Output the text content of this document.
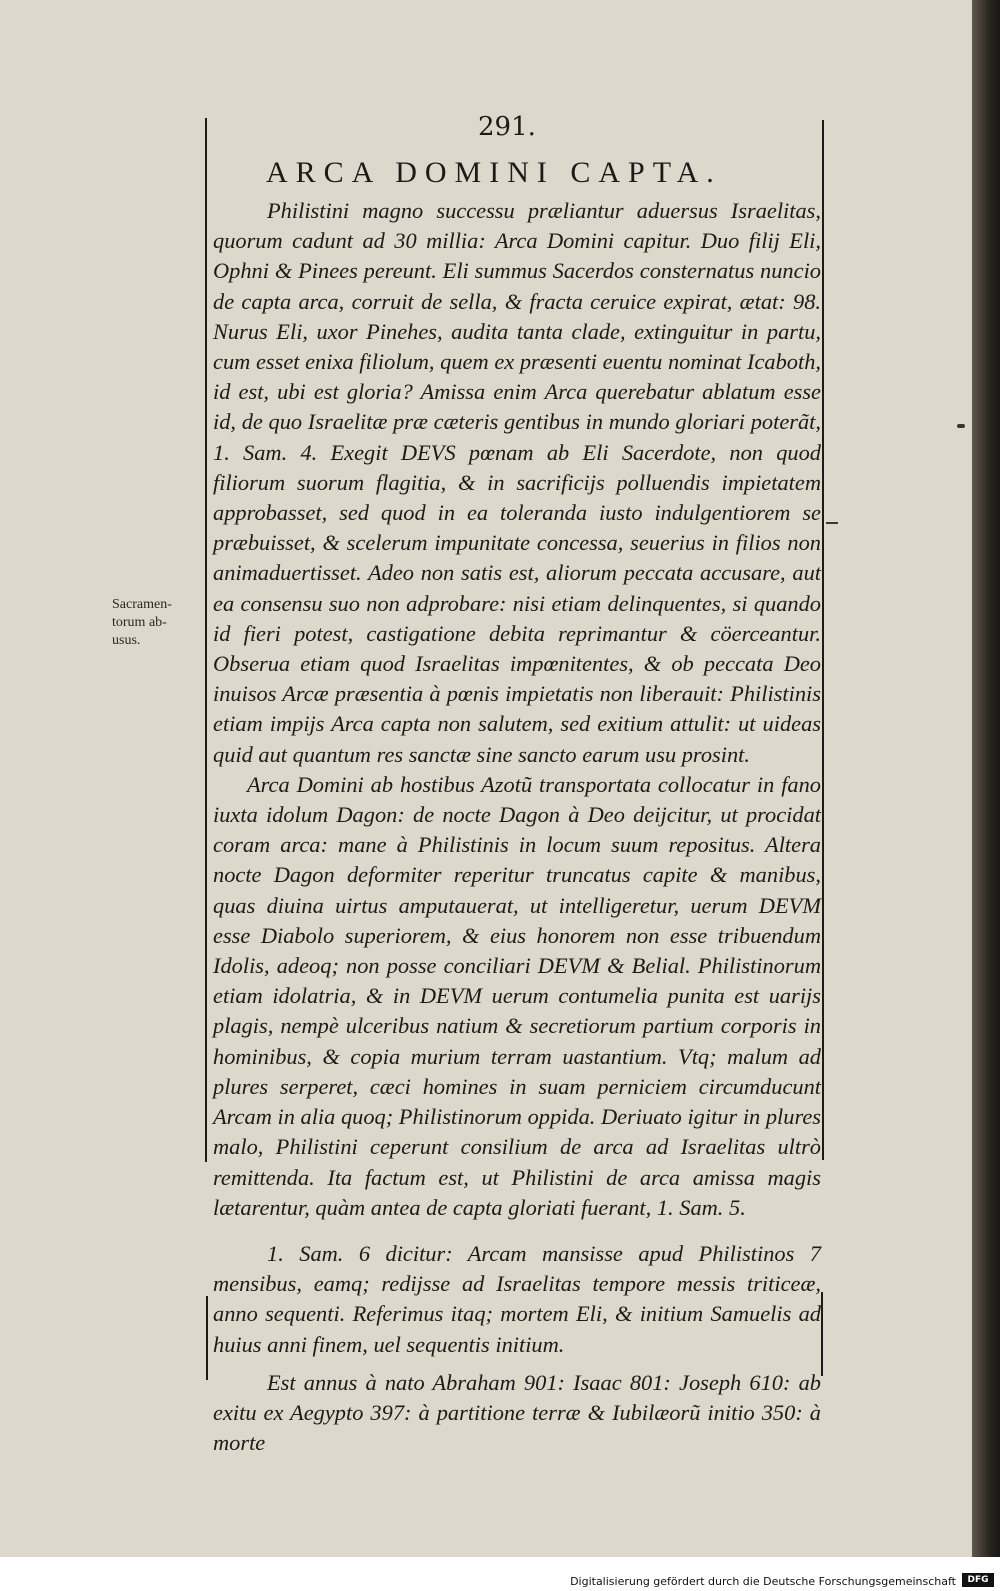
291.
ARCA DOMINI CAPTA.
Sacramen-
torum ab-
usus.

Philistini magno successu præliantur aduersus Israelitas, quorum cadunt ad 30 millia: Arca Domini capitur. Duo filij Eli, Ophni & Pinees pereunt. Eli summus Sacerdos consternatus nuncio de capta arca, corruit de sella, & fracta ceruice expirat, ætat: 98. Nurus Eli, uxor Pinehes, audita tanta clade, extinguitur in partu, cum esset enixa filiolum, quem ex præsenti euentu nominat Icaboth, id est, ubi est gloria? Amissa enim Arca querebatur ablatum esse id, de quo Israelitæ præ cæteris gentibus in mundo gloriari poterãt, 1. Sam. 4. Exegit DEVS pœnam ab Eli Sacerdote, non quod filiorum suorum flagitia, & in sacrificijs polluendis impietatem approbasset, sed quod in ea toleranda iusto indulgentiorem se præbuisset, & scelerum impunitate concessa, seuerius in filios non animaduertisset. Adeo non satis est, aliorum peccata accusare, aut ea consensu suo non adprobare: nisi etiam delinquentes, si quando id fieri potest, castigatione debita reprimantur & cöerceantur. Obserua etiam quod Israelitas impœnitentes, & ob peccata Deo inuisos Arcæ præsentia à pœnis impietatis non liberauit: Philistinis etiam impijs Arca capta non salutem, sed exitium attulit: ut uideas quid aut quantum res sanctæ sine sancto earum usu prosint.

Arca Domini ab hostibus Azotũ transportata collocatur in fano iuxta idolum Dagon: de nocte Dagon à Deo deijcitur, ut procidat coram arca: mane à Philistinis in locum suum repositus. Altera nocte Dagon deformiter reperitur truncatus capite & manibus, quas diuina uirtus amputauerat, ut intelligeretur, uerum DEVM esse Diabolo superiorem, & eius honorem non esse tribuendum Idolis, adeoq; non posse conciliari DEVM & Belial. Philistinorum etiam idolatria, & in DEVM uerum contumelia punita est uarijs plagis, nempè ulceribus natium & secretiorum partium corporis in hominibus, & copia murium terram uastantium. Vtq; malum ad plures serperet, cæci homines in suam perniciem circumducunt Arcam in alia quoq; Philistinorum oppida. Deriuato igitur in plures malo, Philistini ceperunt consilium de arca ad Israelitas ultrò remittenda. Ita factum est, ut Philistini de arca amissa magis lætarentur, quàm antea de capta gloriati fuerant, 1. Sam. 5.

1. Sam. 6 dicitur: Arcam mansisse apud Philistinos 7 mensibus, eamq; redijsse ad Israelitas tempore messis triticeæ, anno sequenti. Referimus itaq; mortem Eli, & initium Samuelis ad huius anni finem, uel sequentis initium.

Est annus à nato Abraham 901: Isaac 801: Joseph 610: ab exitu ex Aegypto 397: à partitione terræ & Iubilæorũ initio 350: à morte

Digitalisierung gefördert durch die Deutsche Forschungsgemeinschaft	DFG
